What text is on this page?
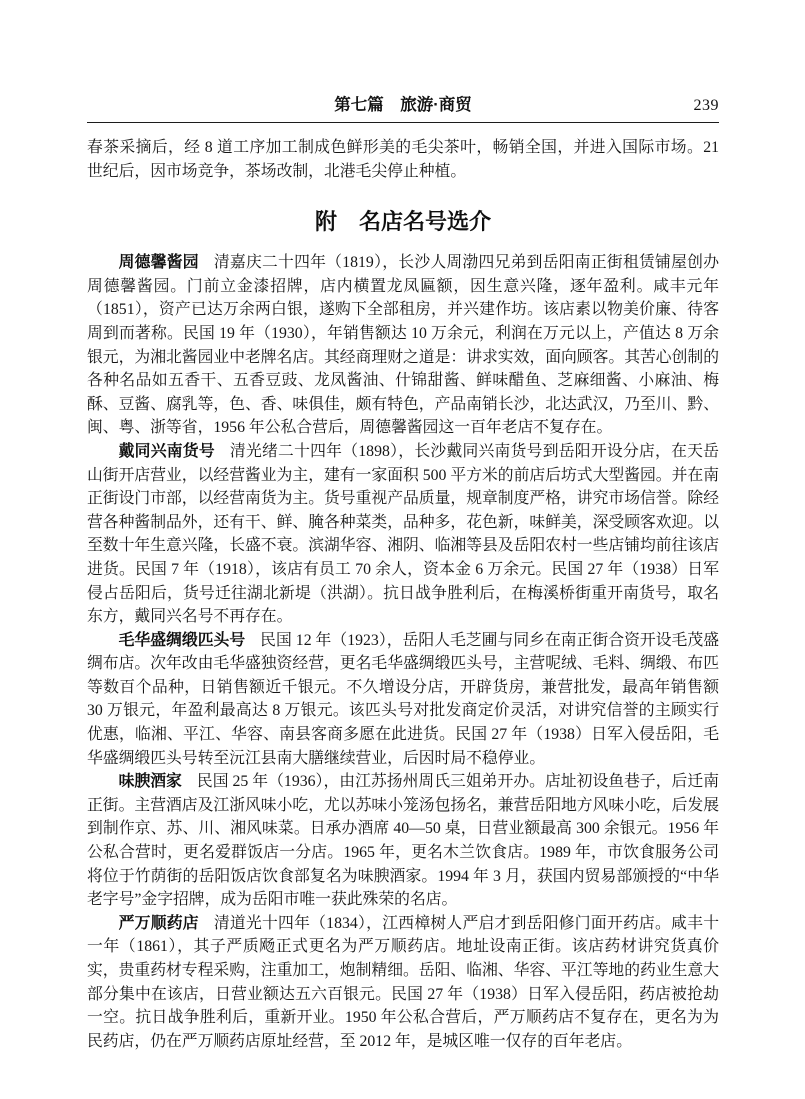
第七篇　旅游·商贸	239

春茶采摘后，经 8 道工序加工制成色鲜形美的毛尖茶叶，畅销全国，并进入国际市场。21 世纪后，因市场竞争，茶场改制，北港毛尖停止种植。

附　名店名号选介

周德馨酱园 清嘉庆二十四年（1819），长沙人周渤四兄弟到岳阳南正街租赁铺屋创办周德馨酱园。门前立金漆招牌，店内横置龙凤匾额，因生意兴隆，逐年盈利。咸丰元年（1851），资产已达万余两白银，遂购下全部租房，并兴建作坊。该店素以物美价廉、待客周到而著称。民国 19 年（1930），年销售额达 10 万余元，利润在万元以上，产值达 8 万余银元，为湘北酱园业中老牌名店。其经商理财之道是：讲求实效，面向顾客。其苦心创制的各种名品如五香干、五香豆豉、龙凤酱油、什锦甜酱、鲜味醋鱼、芝麻细酱、小麻油、梅酥、豆酱、腐乳等，色、香、味俱佳，颇有特色，产品南销长沙，北达武汉，乃至川、黔、闽、粤、浙等省，1956 年公私合营后，周德馨酱园这一百年老店不复存在。

戴同兴南货号 清光绪二十四年（1898），长沙戴同兴南货号到岳阳开设分店，在天岳山街开店营业，以经营酱业为主，建有一家面积 500 平方米的前店后坊式大型酱园。并在南正街设门市部，以经营南货为主。货号重视产品质量，规章制度严格，讲究市场信誉。除经营各种酱制品外，还有干、鲜、腌各种菜类，品种多，花色新，味鲜美，深受顾客欢迎。以至数十年生意兴隆，长盛不衰。滨湖华容、湘阴、临湘等县及岳阳农村一些店铺均前往该店进货。民国 7 年（1918），该店有员工 70 余人，资本金 6 万余元。民国 27 年（1938）日军侵占岳阳后，货号迁往湖北新堤（洪湖）。抗日战争胜利后，在梅溪桥街重开南货号，取名东方，戴同兴名号不再存在。

毛华盛绸缎匹头号 民国 12 年（1923），岳阳人毛芝圃与同乡在南正街合资开设毛茂盛绸布店。次年改由毛华盛独资经营，更名毛华盛绸缎匹头号，主营呢绒、毛料、绸缎、布匹等数百个品种，日销售额近千银元。不久增设分店，开辟货房，兼营批发，最高年销售额 30 万银元，年盈利最高达 8 万银元。该匹头号对批发商定价灵活，对讲究信誉的主顾实行优惠，临湘、平江、华容、南县客商多愿在此进货。民国 27 年（1938）日军入侵岳阳，毛华盛绸缎匹头号转至沅江县南大膳继续营业，后因时局不稳停业。

味腴酒家 民国 25 年（1936），由江苏扬州周氏三姐弟开办。店址初设鱼巷子，后迁南正街。主营酒店及江浙风味小吃，尤以苏味小笼汤包扬名，兼营岳阳地方风味小吃，后发展到制作京、苏、川、湘风味菜。日承办酒席 40—50 桌，日营业额最高 300 余银元。1956 年公私合营时，更名爱群饭店一分店。1965 年，更名木兰饮食店。1989 年，市饮食服务公司将位于竹荫街的岳阳饭店饮食部复名为味腴酒家。1994 年 3 月，获国内贸易部颁授的“中华老字号”金字招牌，成为岳阳市唯一获此殊荣的名店。

严万顺药店 清道光十四年（1834），江西樟树人严启才到岳阳修门面开药店。咸丰十一年（1861），其子严质飏正式更名为严万顺药店。地址设南正街。该店药材讲究货真价实，贵重药材专程采购，注重加工，炮制精细。岳阳、临湘、华容、平江等地的药业生意大部分集中在该店，日营业额达五六百银元。民国 27 年（1938）日军入侵岳阳，药店被抢劫一空。抗日战争胜利后，重新开业。1950 年公私合营后，严万顺药店不复存在，更名为为民药店，仍在严万顺药店原址经营，至 2012 年，是城区唯一仅存的百年老店。
